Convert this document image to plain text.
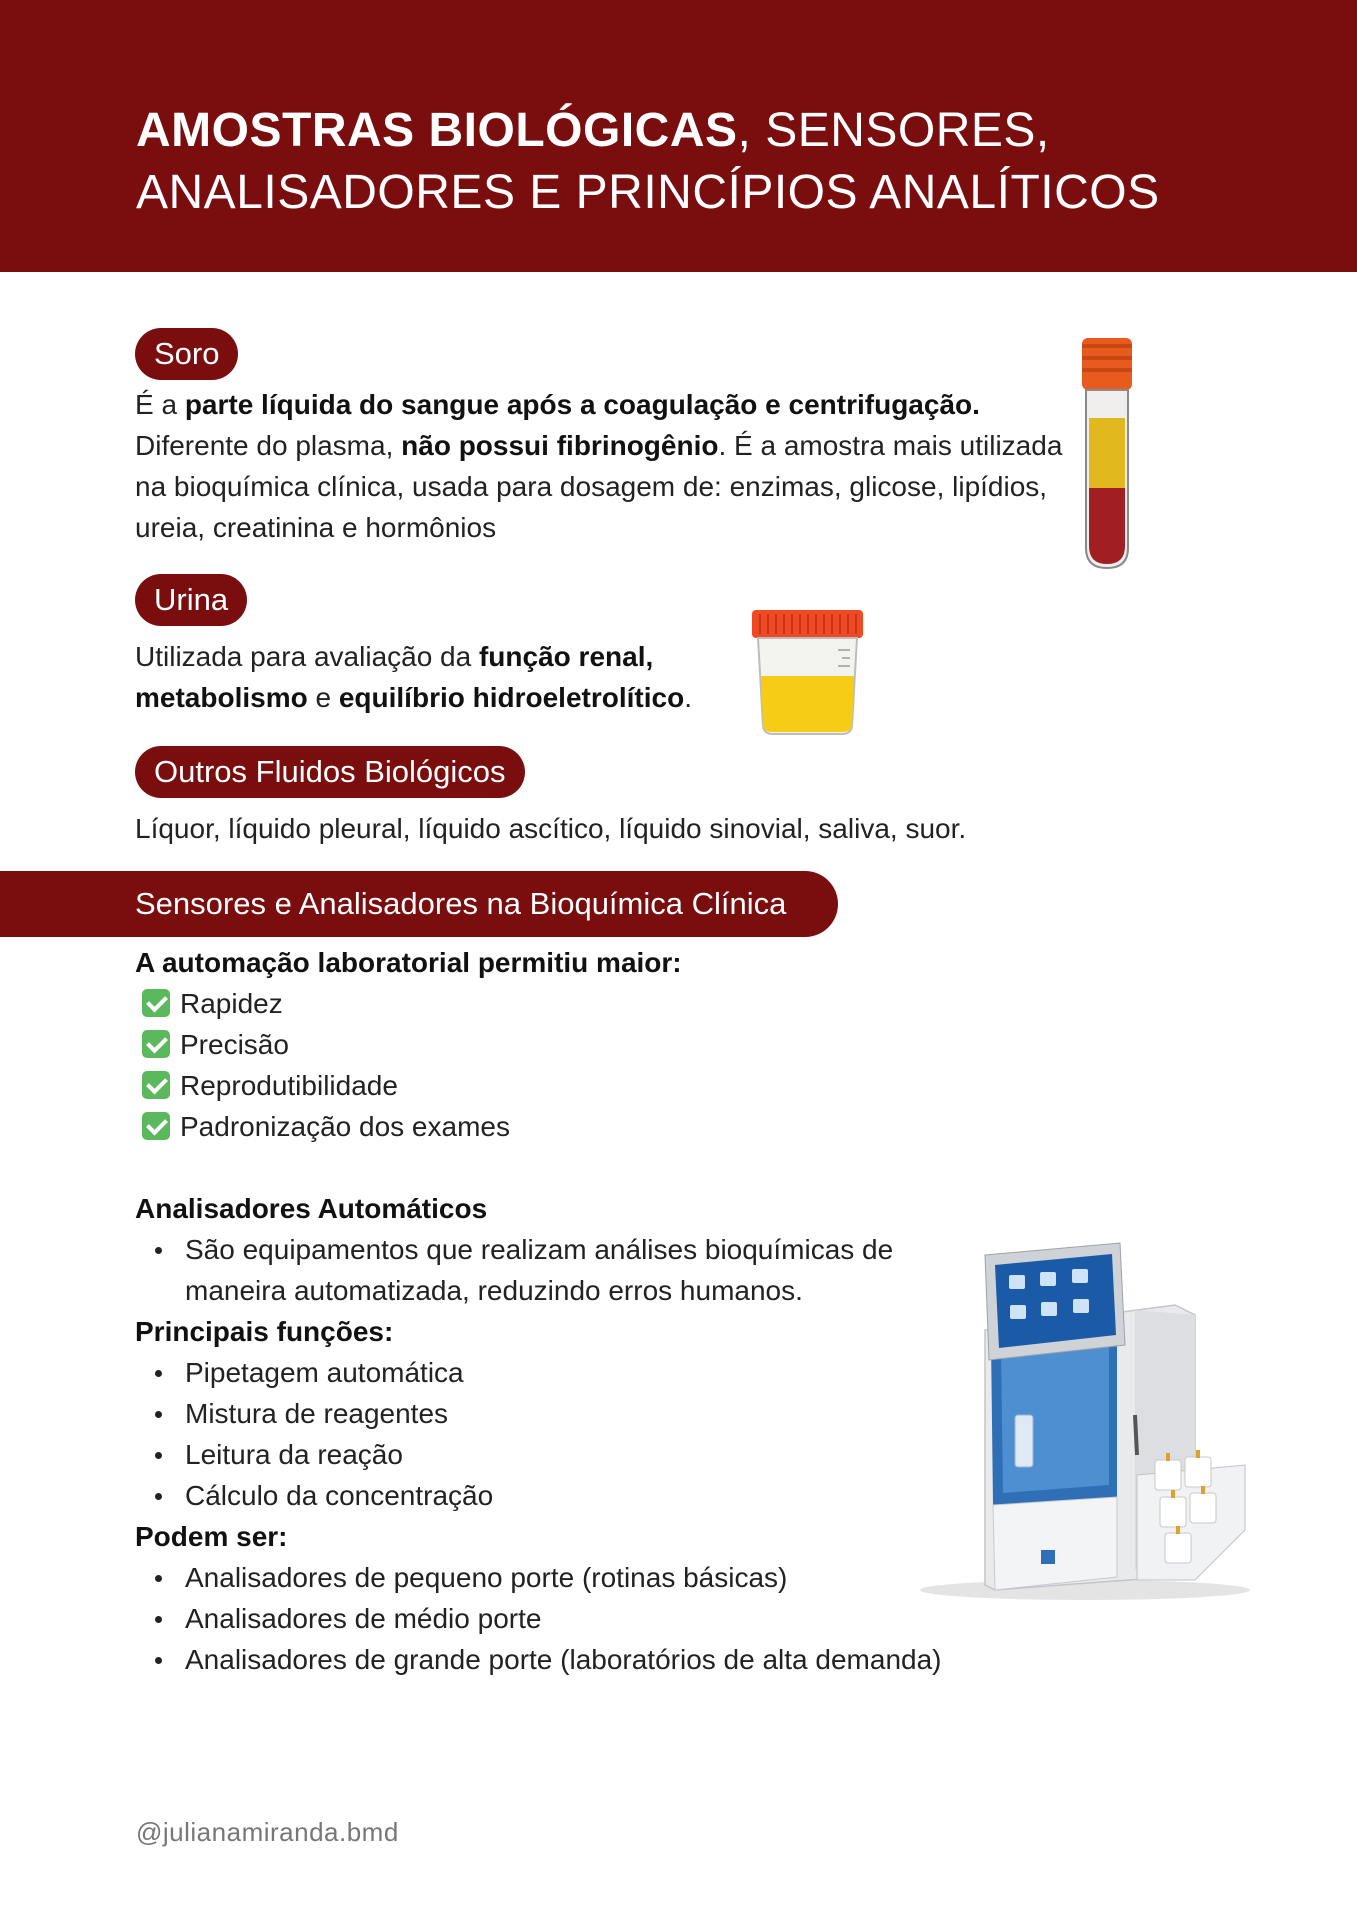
AMOSTRAS BIOLÓGICAS, SENSORES,
ANALISADORES E PRINCÍPIOS ANALÍTICOS
Soro

É a parte líquida do sangue após a coagulação e centrifugação. Diferente do plasma, não possui fibrinogênio. É a amostra mais utilizada na bioquímica clínica, usada para dosagem de: enzimas, glicose, lipídios, ureia, creatinina e hormônios

Urina

Utilizada para avaliação da função renal,
metabolismo e equilíbrio hidroeletrolítico.

Outros Fluidos Biológicos

Líquor, líquido pleural, líquido ascítico, líquido sinovial, saliva, suor.

Sensores e Analisadores na Bioquímica Clínica
A automação laboratorial permitiu maior:
Rapidez
Precisão
Reprodutibilidade
Padronização dos exames
Analisadores Automáticos
São equipamentos que realizam análises bioquímicas de maneira automatizada, reduzindo erros humanos.
Principais funções:
Pipetagem automática
Mistura de reagentes
Leitura da reação
Cálculo da concentração
Podem ser:
Analisadores de pequeno porte (rotinas básicas)
Analisadores de médio porte
Analisadores de grande porte (laboratórios de alta demanda)
@julianamiranda.bmd
